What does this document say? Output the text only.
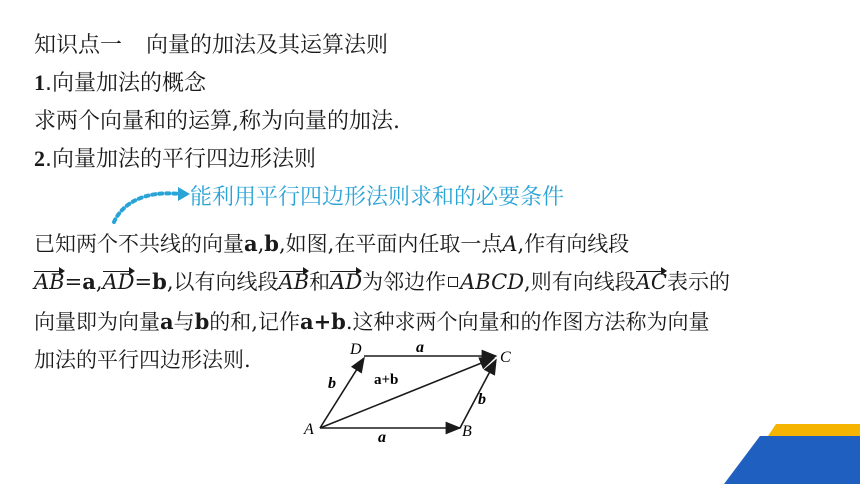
知识点一 向量的加法及其运算法则
1.向量加法的概念
求两个向量和的运算,称为向量的加法.
2.向量加法的平行四边形法则
能利用平行四边形法则求和的必要条件
已知两个不共线的向量a,b,如图,在平面内任取一点A,作有向线段
AB=a,AD=b,以有向线段AB和AD为邻边作 ABCD,则有向线段AC表示的
向量即为向量a与b的和,记作a+b.这种求两个向量和的作图方法称为向量
加法的平行四边形法则.
A	B
C
D	a
a
b
b
a+b
